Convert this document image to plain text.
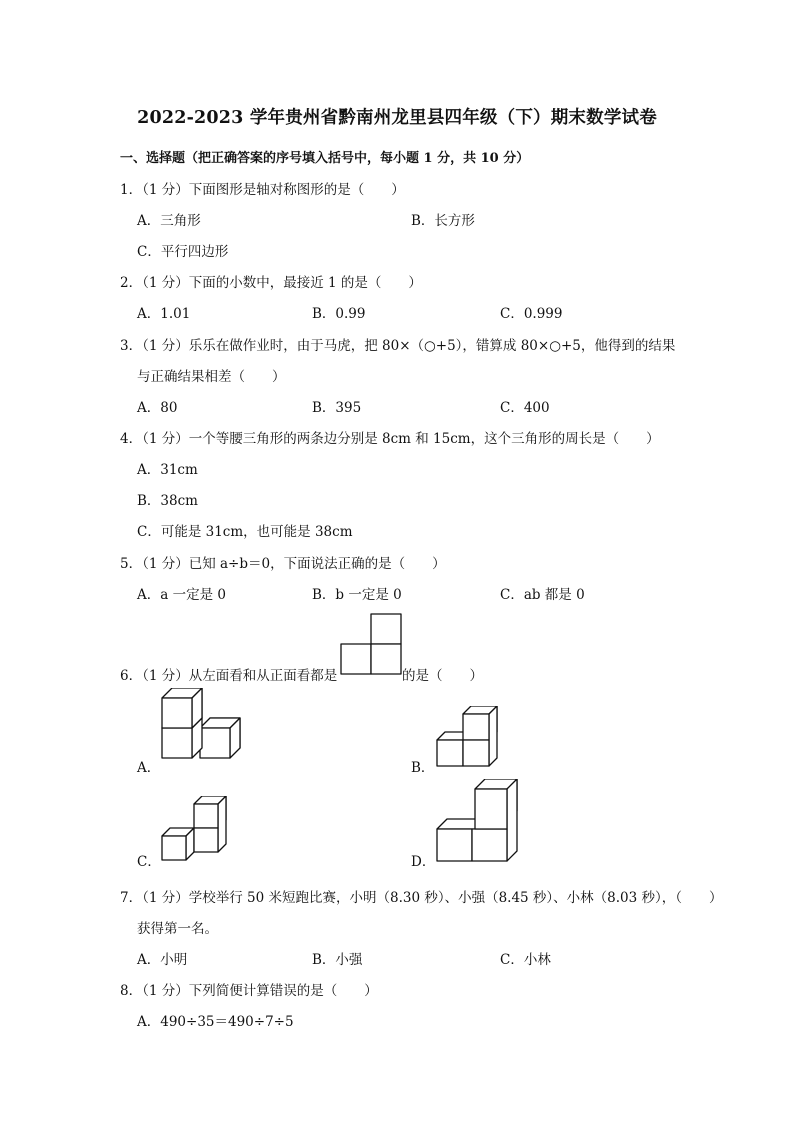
2022-2023 学年贵州省黔南州龙里县四年级（下）期末数学试卷
一、选择题（把正确答案的序号填入括号中，每小题 1 分，共 10 分）
1．（1 分）下面图形是轴对称图形的是（　　）
A．三角形	B．长方形
C．平行四边形
2．（1 分）下面的小数中，最接近 1 的是（　　）
A．1.01	B．0.99	C．0.999
3．（1 分）乐乐在做作业时，由于马虎，把 80×（○+5），错算成 80×○+5，他得到的结果
与正确结果相差（　　）
A．80	B．395	C．400
4．（1 分）一个等腰三角形的两条边分别是 8cm 和 15cm，这个三角形的周长是（　　）
A．31cm
B．38cm
C．可能是 31cm，也可能是 38cm
5．（1 分）已知 a÷b＝0，下面说法正确的是（　　）
A．a 一定是 0	B．b 一定是 0	C．ab 都是 0
6．（1 分）从左面看和从正面看都是	的是（　　）
A．	B．
C．	D．
7．（1 分）学校举行 50 米短跑比赛，小明（8.30 秒）、小强（8.45 秒）、小林（8.03 秒），（　　）
获得第一名。
A．小明	B．小强	C．小林
8．（1 分）下列简便计算错误的是（　　）
A．490÷35＝490÷7÷5
